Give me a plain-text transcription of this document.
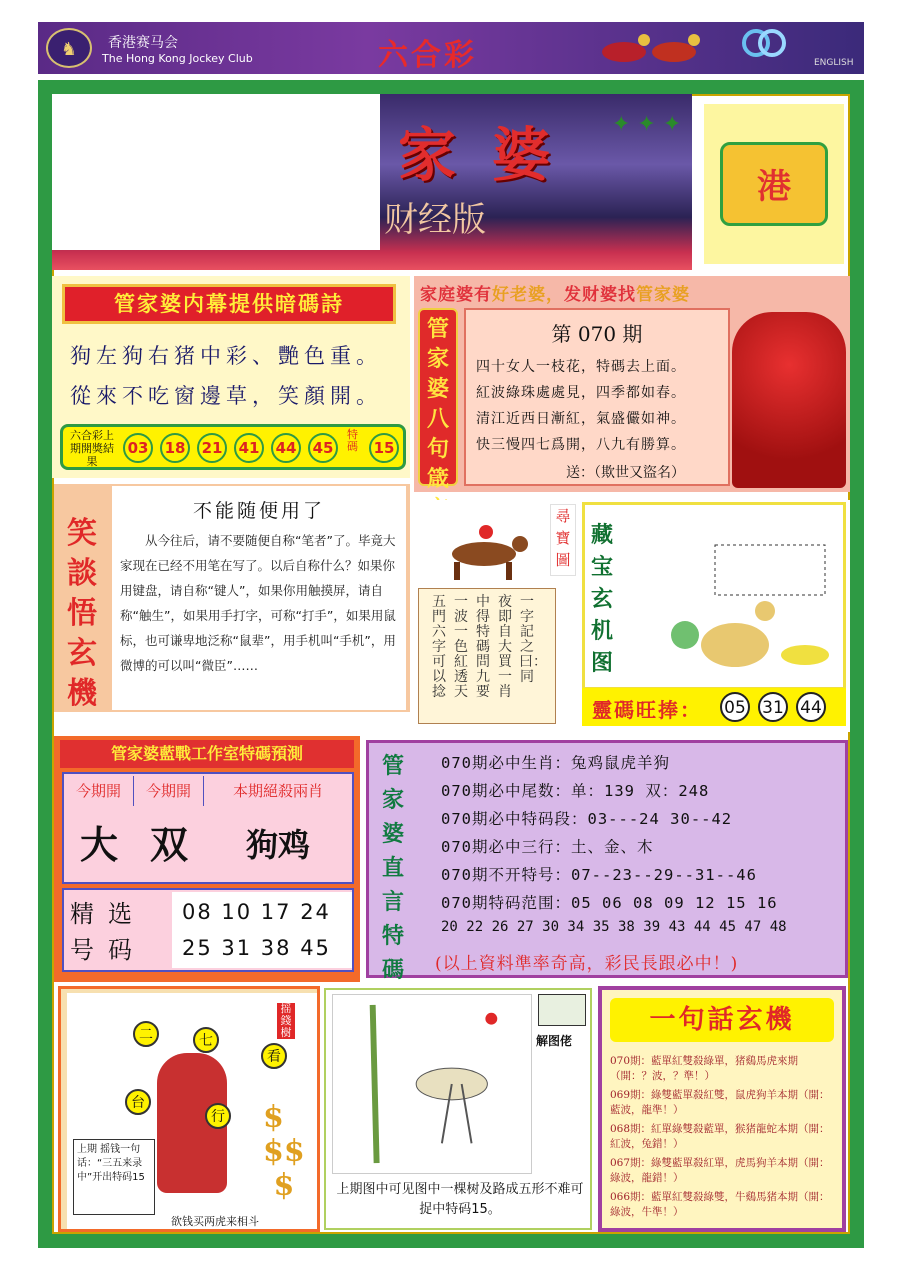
♞	香港赛马会
The Hong Kong Jockey Club	六合彩	ENGLISH
家婆
财经版
✦ ✦ ✦
港
管家婆内幕提供暗碼詩
狗左狗右猪中彩、艷色重。
從來不吃窗邊草，笑顏開。
六合彩上期開獎結果
03	18	21	41	44	45
特碼	15
家庭婆有好老婆，发财婆找管家婆
管家婆八句箴
第 070 期
四十女人一枝花，特碼去上面。
紅波綠珠處處見，四季都如春。
清江近西日漸紅，氣盛儼如神。
快三慢四七爲開，八九有勝算。
送：（欺世又盜名）
笑談悟玄機
不能随便用了
从今往后，请不要随便自称“笔者”了。毕竟大家现在已经不用笔在写了。以后自称什么？如果你用键盘，请自称“键人”，如果你用触摸屏，请自称“触生”，如果用手打字，可称“打手”，如果用鼠标，也可谦卑地泛称“鼠辈”，用手机叫“手机”，用微博的可以叫“微臣”……
一字記之曰：同
夜即自大買一肖
中得特碼問九要
一波一色紅透天
五門六字可以捻
尋寶圖
藏宝玄机图
靈碼旺捧： 05 31 44
管家婆藍戰工作室特碼預測
今期開	今期開	本期絕殺兩肖
大 双	狗鸡
精选号码
08 10 17 24
25 31 38 45
管家婆直言特碼
070期必中生肖：兔鸡鼠虎羊狗
070期必中尾数：单：139 双：248
070期必中特码段：03---24 30--42
070期必中三行：土、金、木
070期不开特号：07--23--29--31--46
070期特码范围：05 06 08 09 12 15 16
20 22 26 27 30 34 35 38 39 43 44 45 47 48
(以上資料準率奇高，彩民長跟必中！)
二	七
看
台
行
摇錢樹
$
$$
$
上期 摇钱一句话：“三五来录中”开出特码15
欲钱买两虎来相斗
解图佬
上期图中可见图中一棵树及路成五形不难可捉中特码15。
一句話玄機
070期：藍單紅雙殺綠單，猪鷄馬虎來期（開：？波，？準！）
069期：綠雙藍單殺紅雙，鼠虎狗羊本期（開：藍波，龍準！）
068期：紅單綠雙殺藍單，猴猪龍蛇本期（開：紅波，兔錯！）
067期：綠雙藍單殺紅單，虎馬狗羊本期（開：綠波，龍錯！）
066期：藍單紅雙殺綠雙，牛鷄馬猪本期（開：綠波，牛準！）
